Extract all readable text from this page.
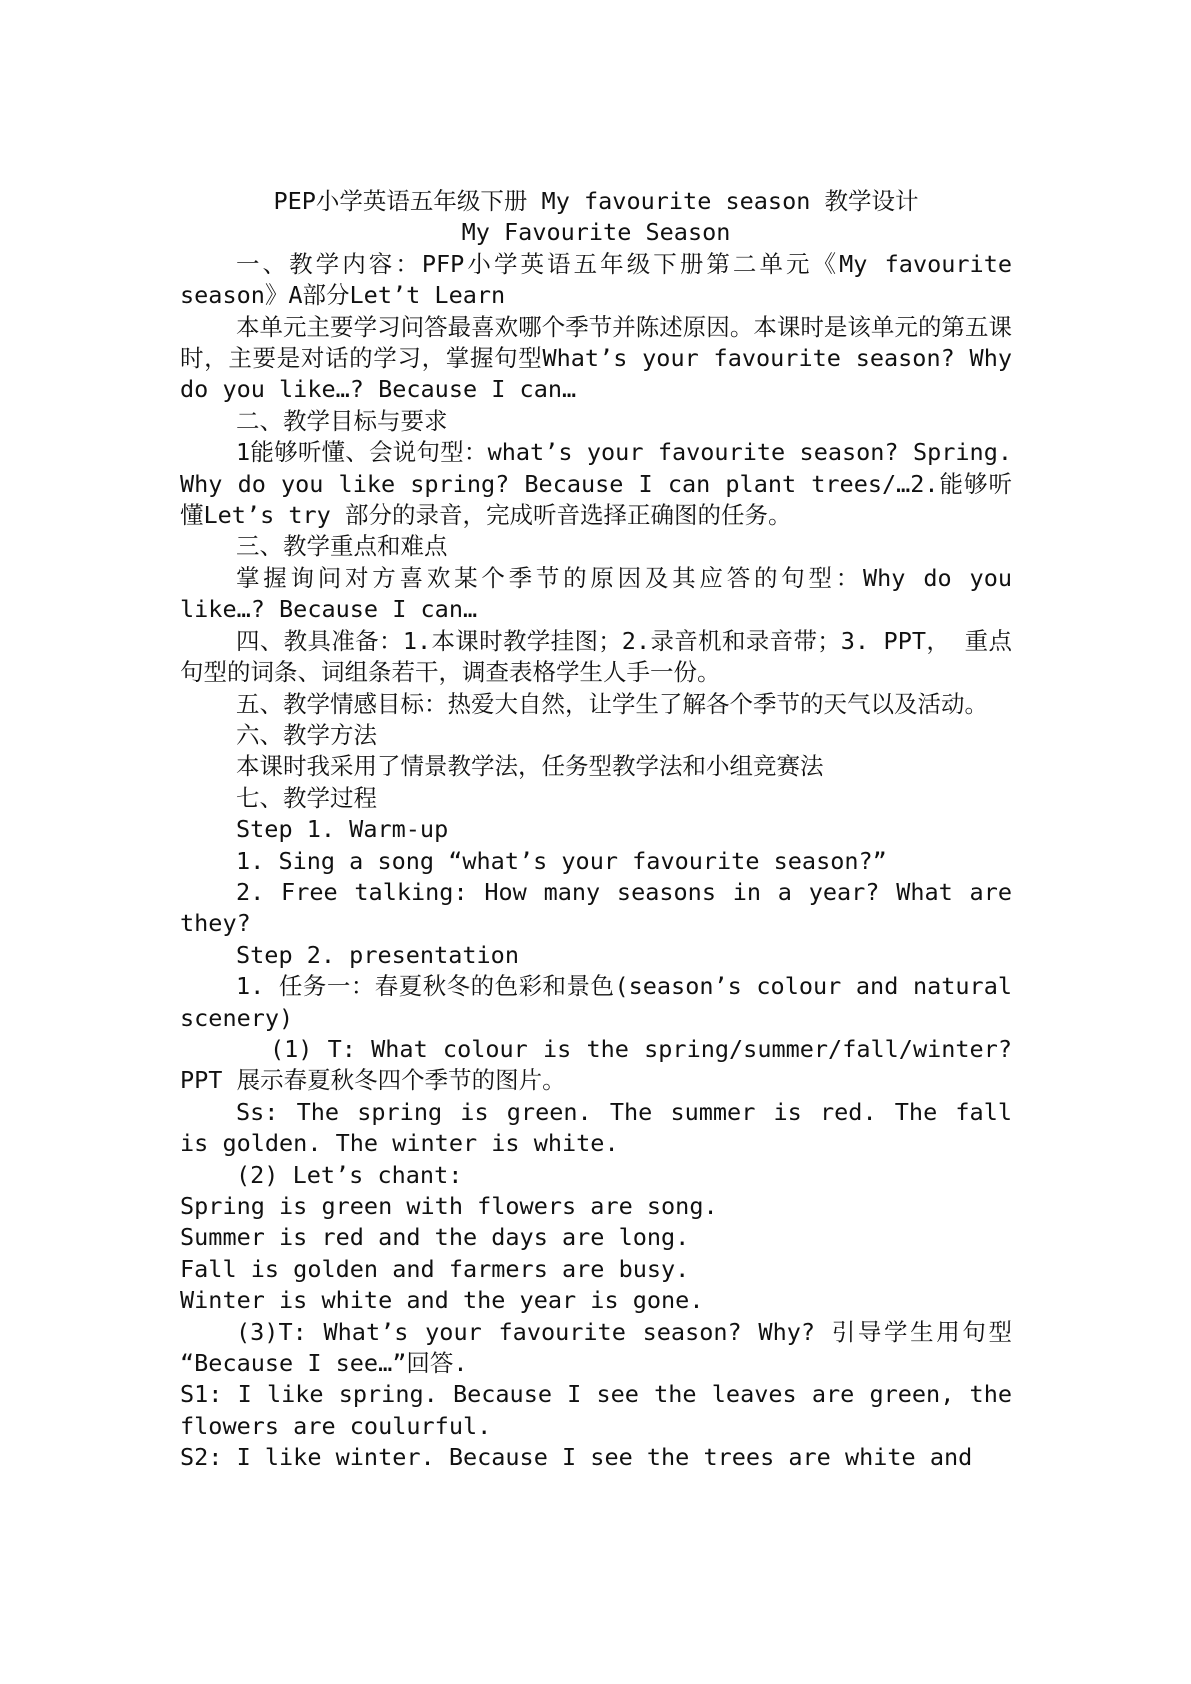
PEP小学英语五年级下册 My favourite season 教学设计
My Favourite Season

一、教学内容：PFP小学英语五年级下册第二单元《My favourite season》A部分Let’t Learn

本单元主要学习问答最喜欢哪个季节并陈述原因。本课时是该单元的第五课时，主要是对话的学习，掌握句型What’s your favourite season? Why do you like…? Because I can…

二、教学目标与要求

1能够听懂、会说句型：what’s your favourite season? Spring. Why do you like spring? Because I can plant trees/…2.能够听懂Let’s try 部分的录音，完成听音选择正确图的任务。

三、教学重点和难点

掌握询问对方喜欢某个季节的原因及其应答的句型：Why do you like…? Because I can…

四、教具准备：1.本课时教学挂图；2.录音机和录音带；3. PPT， 重点句型的词条、词组条若干，调查表格学生人手一份。

五、教学情感目标：热爱大自然，让学生了解各个季节的天气以及活动。

六、教学方法

本课时我采用了情景教学法，任务型教学法和小组竞赛法

七、教学过程

Step 1. Warm-up

1. Sing a song “what’s your favourite season?”

2. Free talking: How many seasons in a year? What are they?

Step 2. presentation

1. 任务一：春夏秋冬的色彩和景色(season’s colour and natural scenery)

(1) T: What colour is the spring/summer/fall/winter? PPT 展示春夏秋冬四个季节的图片。

Ss: The spring is green. The summer is red. The fall is golden. The winter is white.

(2) Let’s chant:

Spring is green with flowers are song.

Summer is red and the days are long.

Fall is golden and farmers are busy.

Winter is white and the year is gone.

(3)T: What’s your favourite season? Why? 引导学生用句型 “Because I see…”回答.

S1: I like spring. Because I see the leaves are green, the flowers are coulurful.

S2: I like winter. Because I see the trees are white and
